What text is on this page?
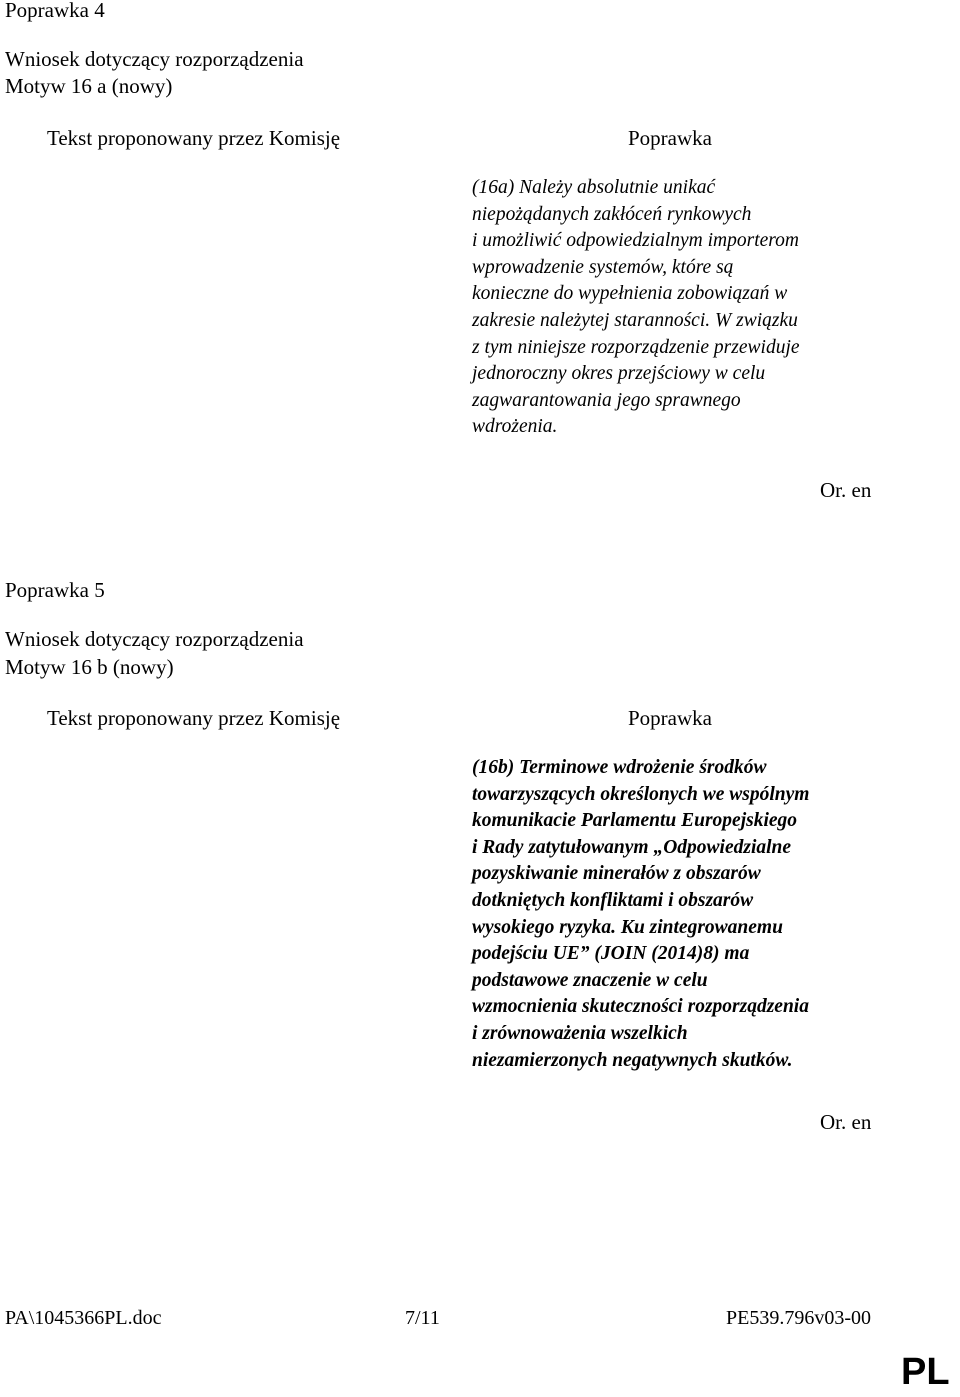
Poprawka 4
Wniosek dotyczący rozporządzenia
Motyw 16 a (nowy)
Tekst proponowany przez Komisję	Poprawka
(16a) Należy absolutnie unikać
niepożądanych zakłóceń rynkowych
i umożliwić odpowiedzialnym importerom
wprowadzenie systemów, które są
konieczne do wypełnienia zobowiązań w
zakresie należytej staranności. W związku
z tym niniejsze rozporządzenie przewiduje
jednoroczny okres przejściowy w celu
zagwarantowania jego sprawnego
wdrożenia.
Or. en
Poprawka 5
Wniosek dotyczący rozporządzenia
Motyw 16 b (nowy)
Tekst proponowany przez Komisję	Poprawka
(16b) Terminowe wdrożenie środków
towarzyszących określonych we wspólnym
komunikacie Parlamentu Europejskiego
i Rady zatytułowanym „Odpowiedzialne
pozyskiwanie minerałów z obszarów
dotkniętych konfliktami i obszarów
wysokiego ryzyka. Ku zintegrowanemu
podejściu UE” (JOIN (2014)8) ma
podstawowe znaczenie w celu
wzmocnienia skuteczności rozporządzenia
i zrównoważenia wszelkich
niezamierzonych negatywnych skutków.
Or. en
PA\1045366PL.doc	7/11	PE539.796v03-00
PL
